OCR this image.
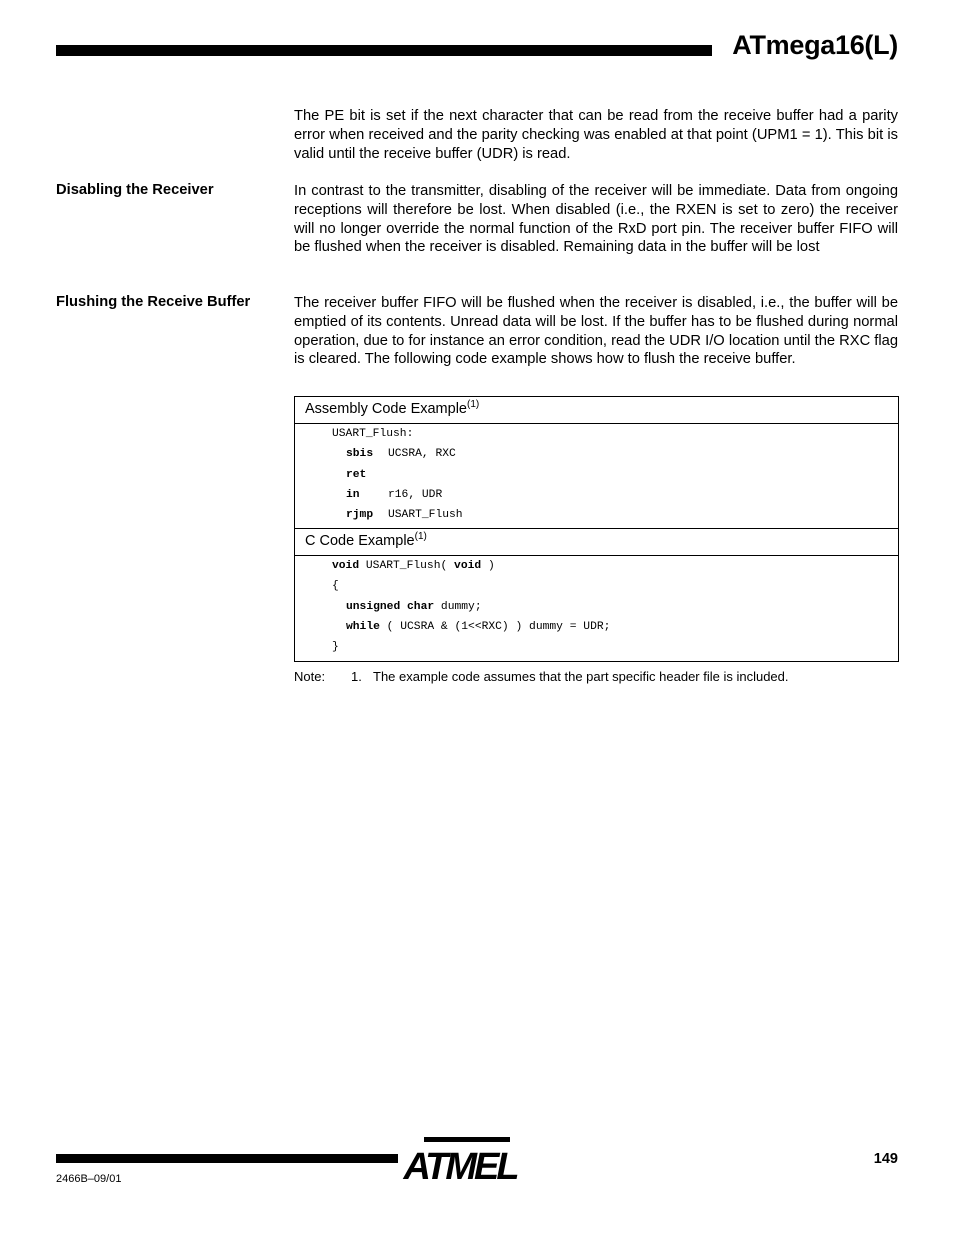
ATmega16(L)

The PE bit is set if the next character that can be read from the receive buffer had a parity error when received and the parity checking was enabled at that point (UPM1 = 1). This bit is valid until the receive buffer (UDR) is read.

Disabling the Receiver	In contrast to the transmitter, disabling of the receiver will be immediate. Data from ongoing receptions will therefore be lost. When disabled (i.e., the RXEN is set to zero) the receiver will no longer override the normal function of the RxD port pin. The receiver buffer FIFO will be flushed when the receiver is disabled. Remaining data in the buffer will be lost

Flushing the Receive Buffer	The receiver buffer FIFO will be flushed when the receiver is disabled, i.e., the buffer will be emptied of its contents. Unread data will be lost. If the buffer has to be flushed during normal operation, due to for instance an error condition, read the UDR I/O location until the RXC flag is cleared. The following code example shows how to flush the receive buffer.

Assembly Code Example$^{(1)}$
USART_Flush:
sbis UCSRA, RXC
ret
in	r16, UDR
rjmp USART_Flush
C Code Example$^{(1)}$
void USART_Flush( void )
{
unsigned char dummy;
while ( UCSRA & (1<<RXC) ) dummy = UDR;
}
Note: 1. The example code assumes that the part specific header file is included.
ATMEL	149
2466B–09/01
